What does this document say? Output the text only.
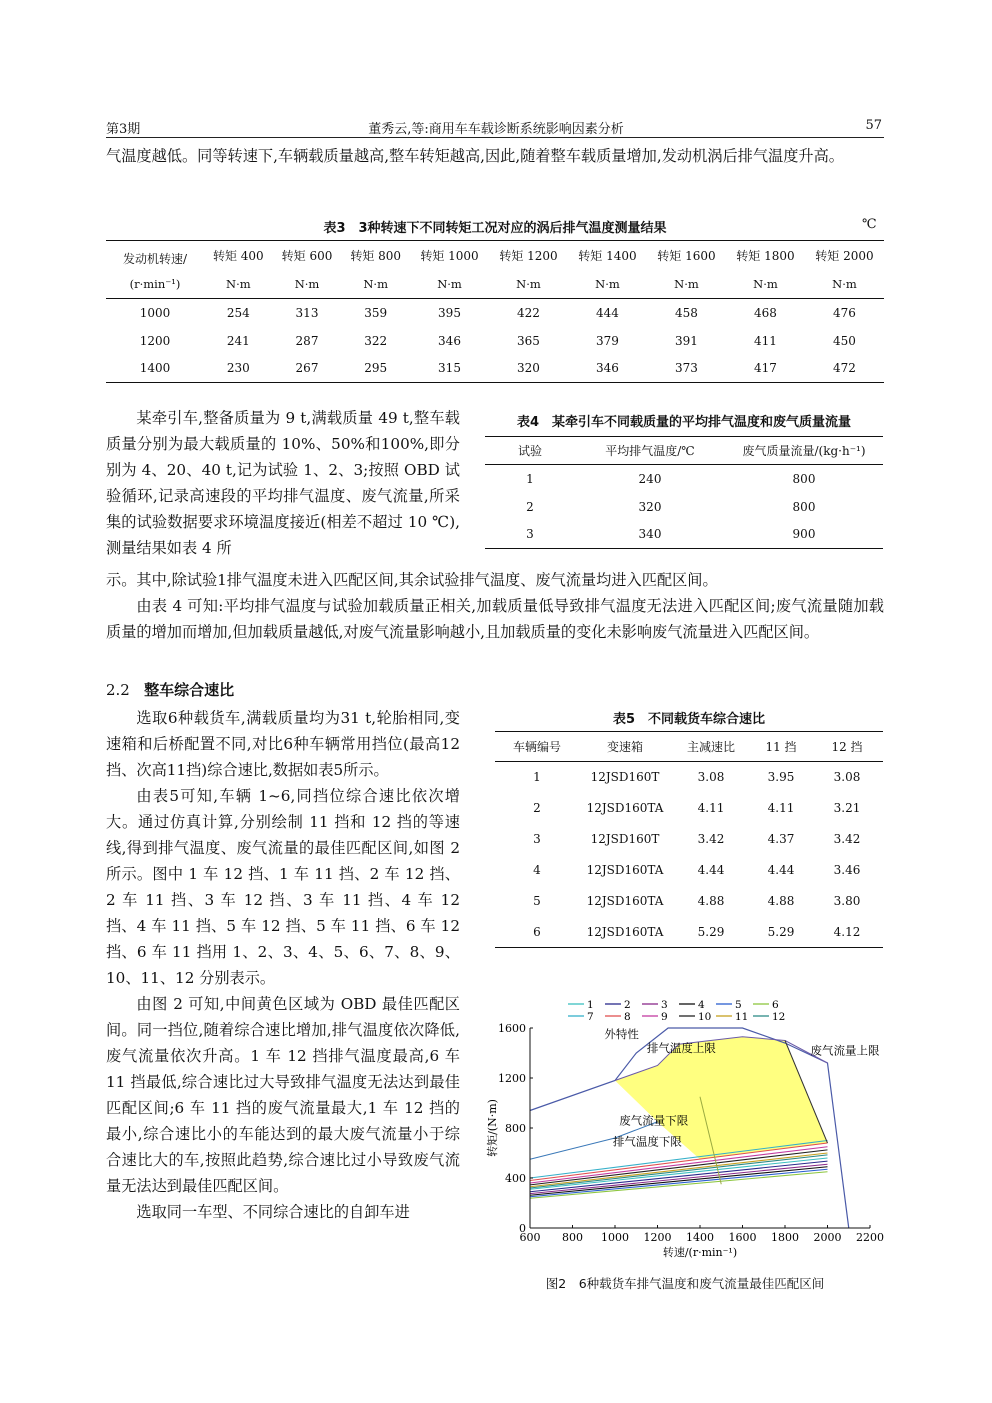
第3期	董秀云,等:商用车车载诊断系统影响因素分析	57

气温度越低。同等转速下,车辆载质量越高,整车转矩越高,因此,随着整车载质量增加,发动机涡后排气温度升高。

表3　3种转速下不同转矩工况对应的涡后排气温度测量结果	℃
发动机转速/	转矩 400	转矩 600	转矩 800	转矩 1000	转矩 1200	转矩 1400	转矩 1600	转矩 1800	转矩 2000
(r·min⁻¹)	N·m	N·m	N·m	N·m	N·m	N·m	N·m	N·m	N·m
1000	254	313	359	395	422	444	458	468	476
1200	241	287	322	346	365	379	391	411	450
1400	230	267	295	315	320	346	373	417	472

某牵引车,整备质量为 9 t,满载质量 49 t,整车载质量分别为最大载质量的 10%、50%和100%,即分别为 4、20、40 t,记为试验 1、2、3;按照 OBD 试验循环,记录高速段的平均排气温度、废气流量,所采集的试验数据要求环境温度接近(相差不超过 10 ℃),测量结果如表 4 所

表4　某牵引车不同载质量的平均排气温度和废气质量流量
试验	平均排气温度/℃	废气质量流量/(kg·h⁻¹)
1	240	800
2	320	800
3	340	900

示。其中,除试验1排气温度未进入匹配区间,其余试验排气温度、废气流量均进入匹配区间。

由表 4 可知:平均排气温度与试验加载质量正相关,加载质量低导致排气温度无法进入匹配区间;废气流量随加载质量的增加而增加,但加载质量越低,对废气流量影响越小,且加载质量的变化未影响废气流量进入匹配区间。

2.2 整车综合速比

选取6种载货车,满载质量均为31 t,轮胎相同,变速箱和后桥配置不同,对比6种车辆常用挡位(最高12挡、次高11挡)综合速比,数据如表5所示。

由表5可知,车辆 1~6,同挡位综合速比依次增大。通过仿真计算,分别绘制 11 挡和 12 挡的等速线,得到排气温度、废气流量的最佳匹配区间,如图 2 所示。图中 1 车 12 挡、1 车 11 挡、2 车 12 挡、2 车 11 挡、3 车 12 挡、3 车 11 挡、4 车 12 挡、4 车 11 挡、5 车 12 挡、5 车 11 挡、6 车 12 挡、6 车 11 挡用 1、2、3、4、5、6、7、8、9、10、11、12 分别表示。

由图 2 可知,中间黄色区域为 OBD 最佳匹配区间。同一挡位,随着综合速比增加,排气温度依次降低,废气流量依次升高。1 车 12 挡排气温度最高,6 车 11 挡最低,综合速比过大导致排气温度无法达到最佳匹配区间;6 车 11 挡的废气流量最大,1 车 12 挡的最小,综合速比小的车能达到的最大废气流量小于综合速比大的车,按照此趋势,综合速比过小导致废气流量无法达到最佳匹配区间。

选取同一车型、不同综合速比的自卸车进

表5　不同载货车综合速比
车辆编号	变速箱	主减速比	11 挡	12 挡
1	12JSD160T	3.08	3.95	3.08
2	12JSD160TA	4.11	4.11	3.21
3	12JSD160T	3.42	4.37	3.42
4	12JSD160TA	4.44	4.44	3.46
5	12JSD160TA	4.88	4.88	3.80
6	12JSD160TA	5.29	5.29	4.12
600 800 1000 1200 1400 1600 1800 2000 2200
0
400
800
1200
1600
转速/(r·min⁻¹)
转矩/(N·m)
1	2	3	4	5	6
7	8	9	10 11 12
外特性
排气温度上限	废气流量上限
废气流量下限
排气温度下限
图2　6种载货车排气温度和废气流量最佳匹配区间
